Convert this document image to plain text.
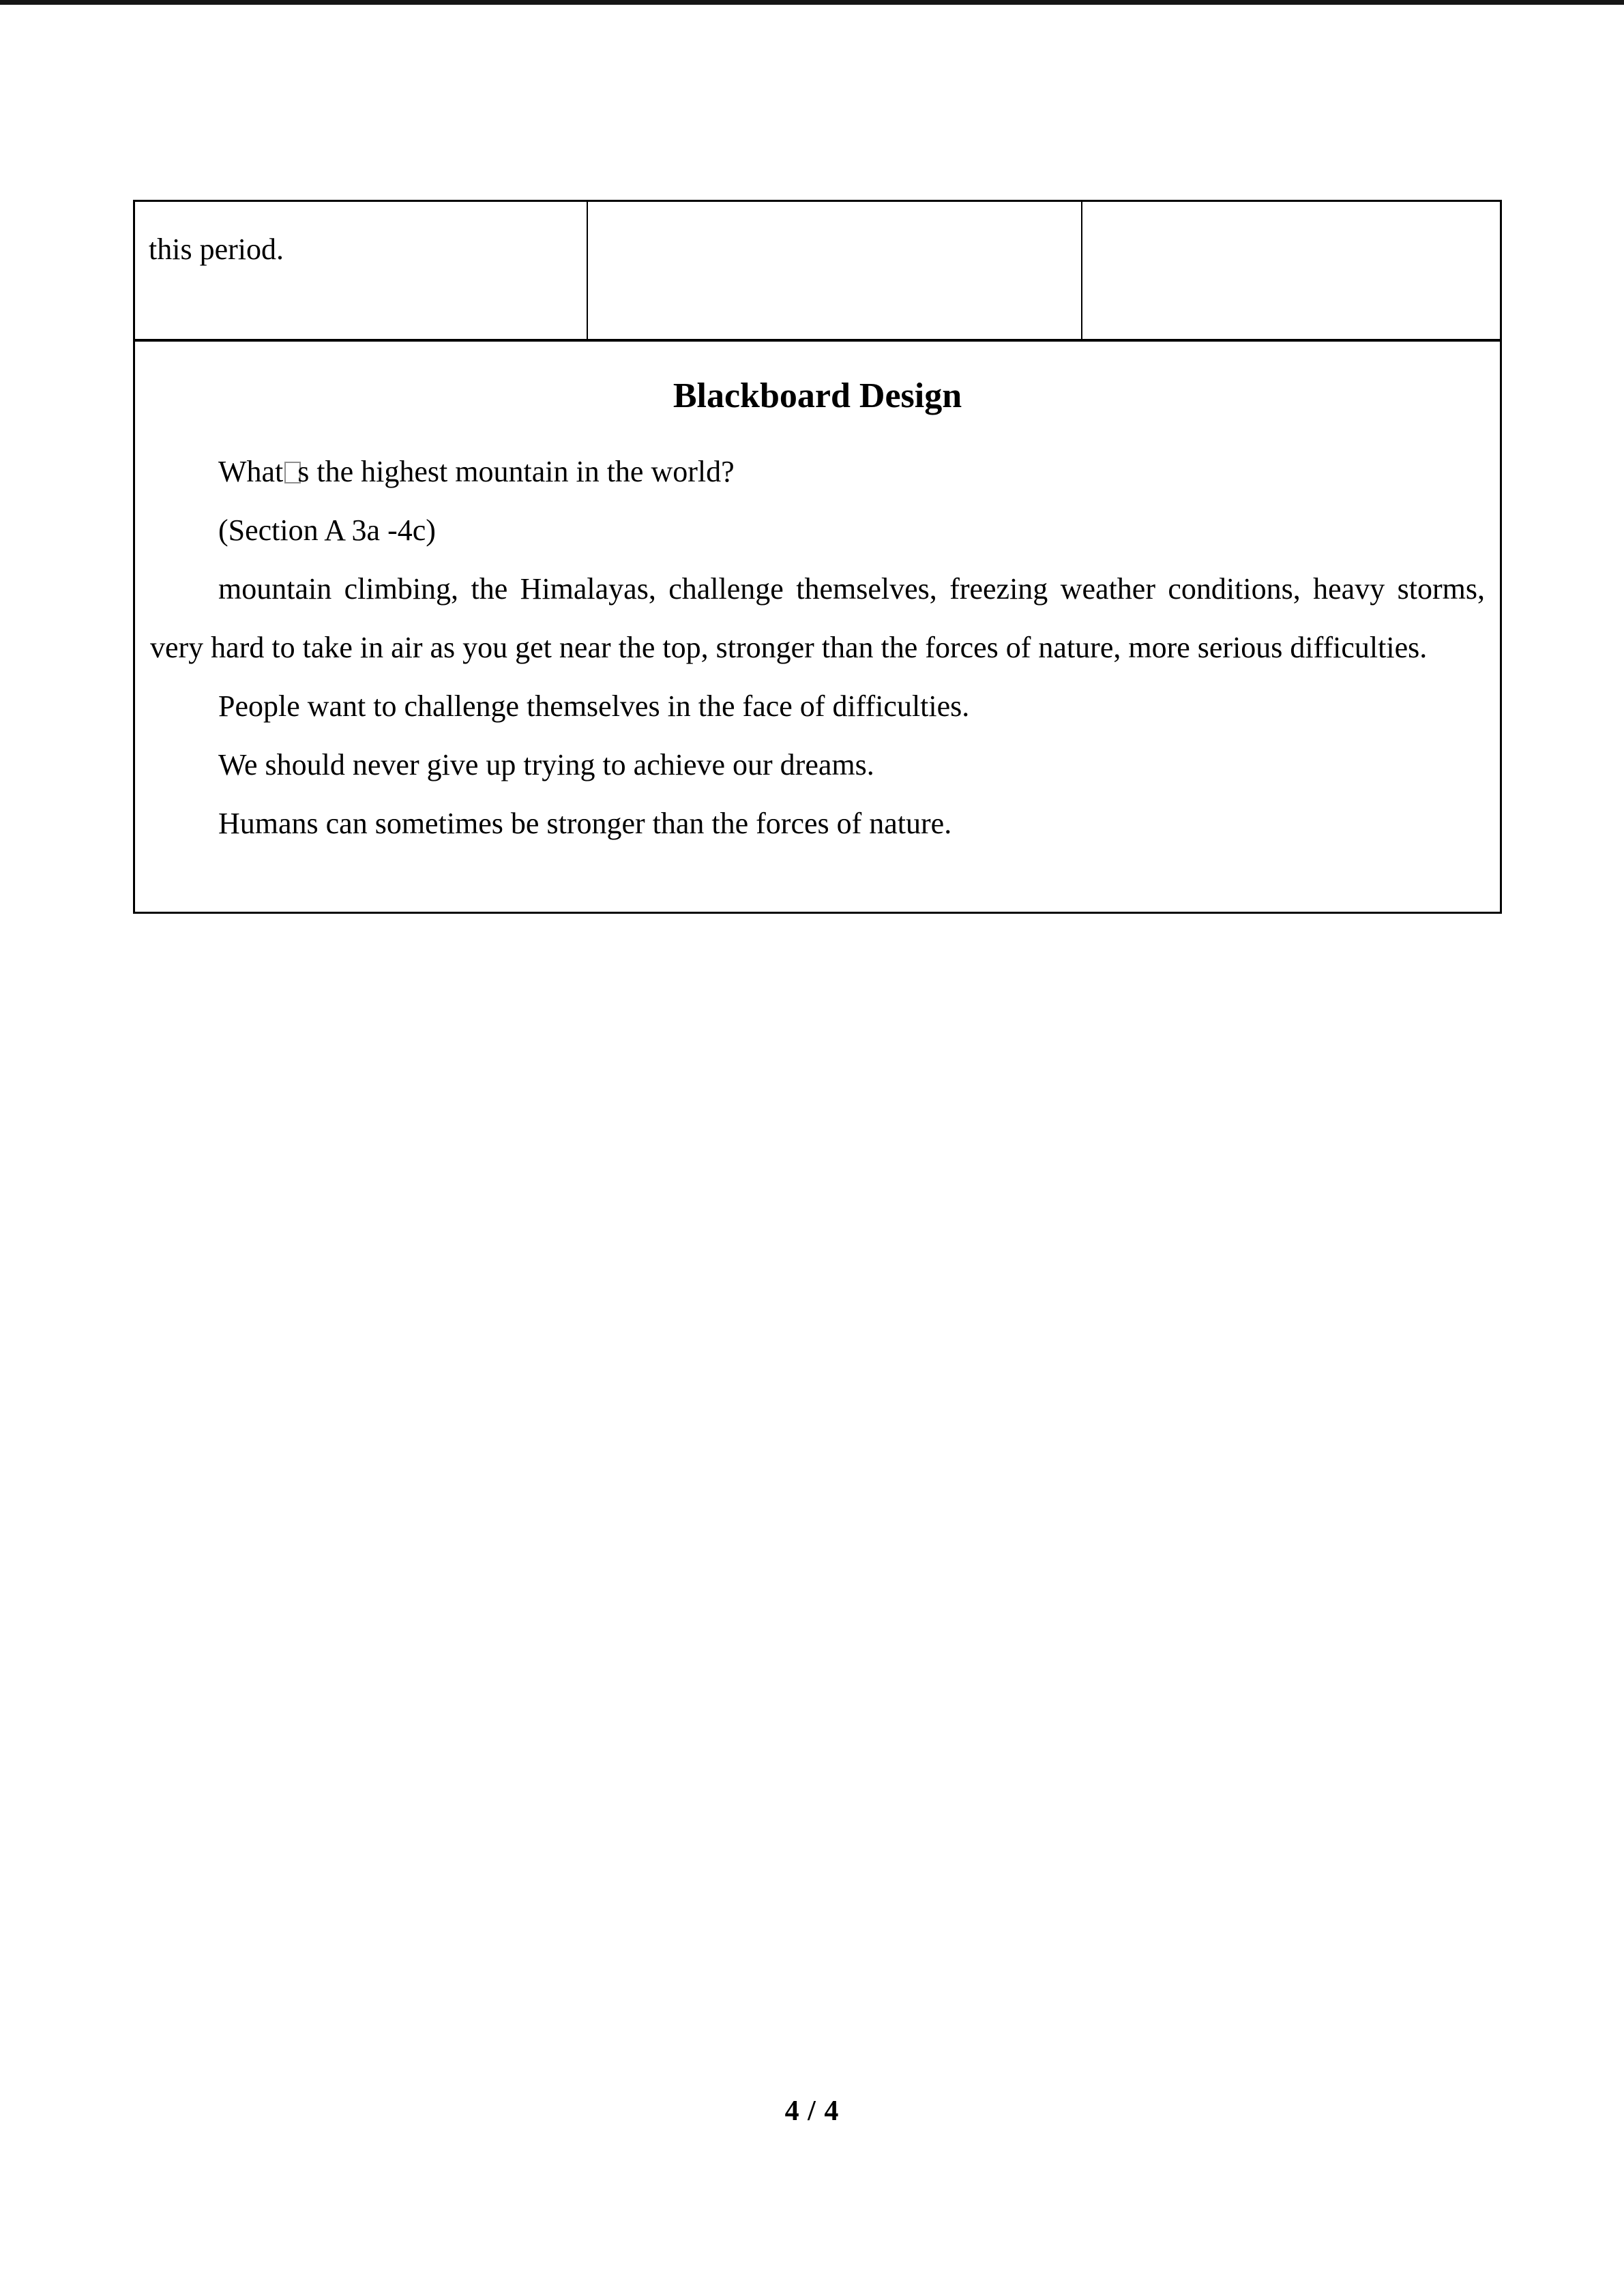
this period.
Blackboard Design

What s the highest mountain in the world?

(Section A 3a -4c)

mountain climbing, the Himalayas, challenge themselves, freezing weather conditions, heavy storms, very hard to take in air as you get near the top, stronger than the forces of nature, more serious difficulties.

People want to challenge themselves in the face of difficulties.

We should never give up trying to achieve our dreams.

Humans can sometimes be stronger than the forces of nature.

4 / 4
